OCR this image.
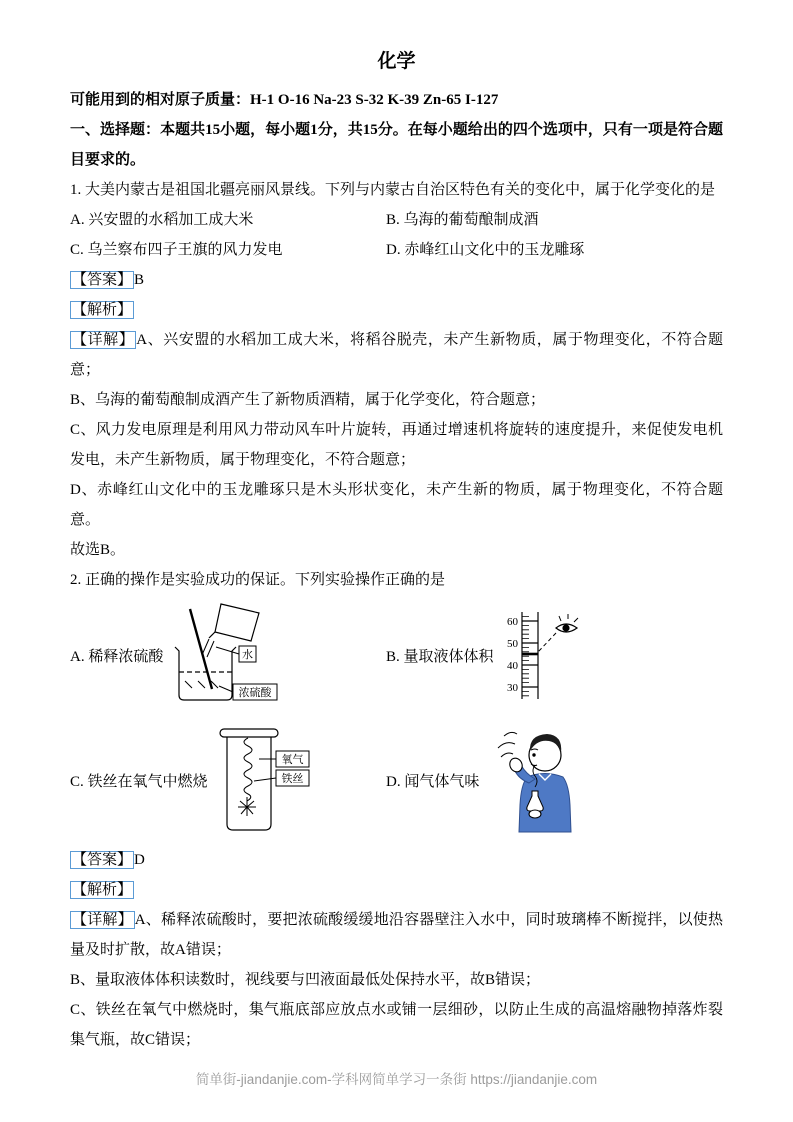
化学

可能用到的相对原子质量：H-1 O-16 Na-23 S-32 K-39 Zn-65 I-127

一、选择题：本题共15小题，每小题1分，共15分。在每小题给出的四个选项中，只有一项是符合题目要求的。

1. 大美内蒙古是祖国北疆亮丽风景线。下列与内蒙古自治区特色有关的变化中，属于化学变化的是

A. 兴安盟的水稻加工成大米	B. 乌海的葡萄酿制成酒
C. 乌兰察布四子王旗的风力发电	D. 赤峰红山文化中的玉龙雕琢

【答案】 B

【解析】

【详解】 A、兴安盟的水稻加工成大米，将稻谷脱壳，未产生新物质，属于物理变化，不符合题意；

B、乌海的葡萄酿制成酒产生了新物质酒精，属于化学变化，符合题意；

C、风力发电原理是利用风力带动风车叶片旋转，再通过增速机将旋转的速度提升，来促使发电机发电，未产生新物质，属于物理变化，不符合题意；

D、赤峰红山文化中的玉龙雕琢只是木头形状变化，未产生新的物质，属于物理变化，不符合题意。

故选B。

2. 正确的操作是实验成功的保证。下列实验操作正确的是

A. 稀释浓硫酸	水
浓硫酸
B. 量取液体体积
60
50
40
30
C. 铁丝在氧气中燃烧
氧气
铁丝	D. 闻气体气味

【答案】 D

【解析】

【详解】 A、稀释浓硫酸时，要把浓硫酸缓缓地沿容器壁注入水中，同时玻璃棒不断搅拌，以使热量及时扩散，故A错误；

B、量取液体体积读数时，视线要与凹液面最低处保持水平，故B错误；

C、铁丝在氧气中燃烧时，集气瓶底部应放点水或铺一层细砂，以防止生成的高温熔融物掉落炸裂集气瓶，故C错误；

简单街-jiandanjie.com-学科网简单学习一条街 https://jiandanjie.com
